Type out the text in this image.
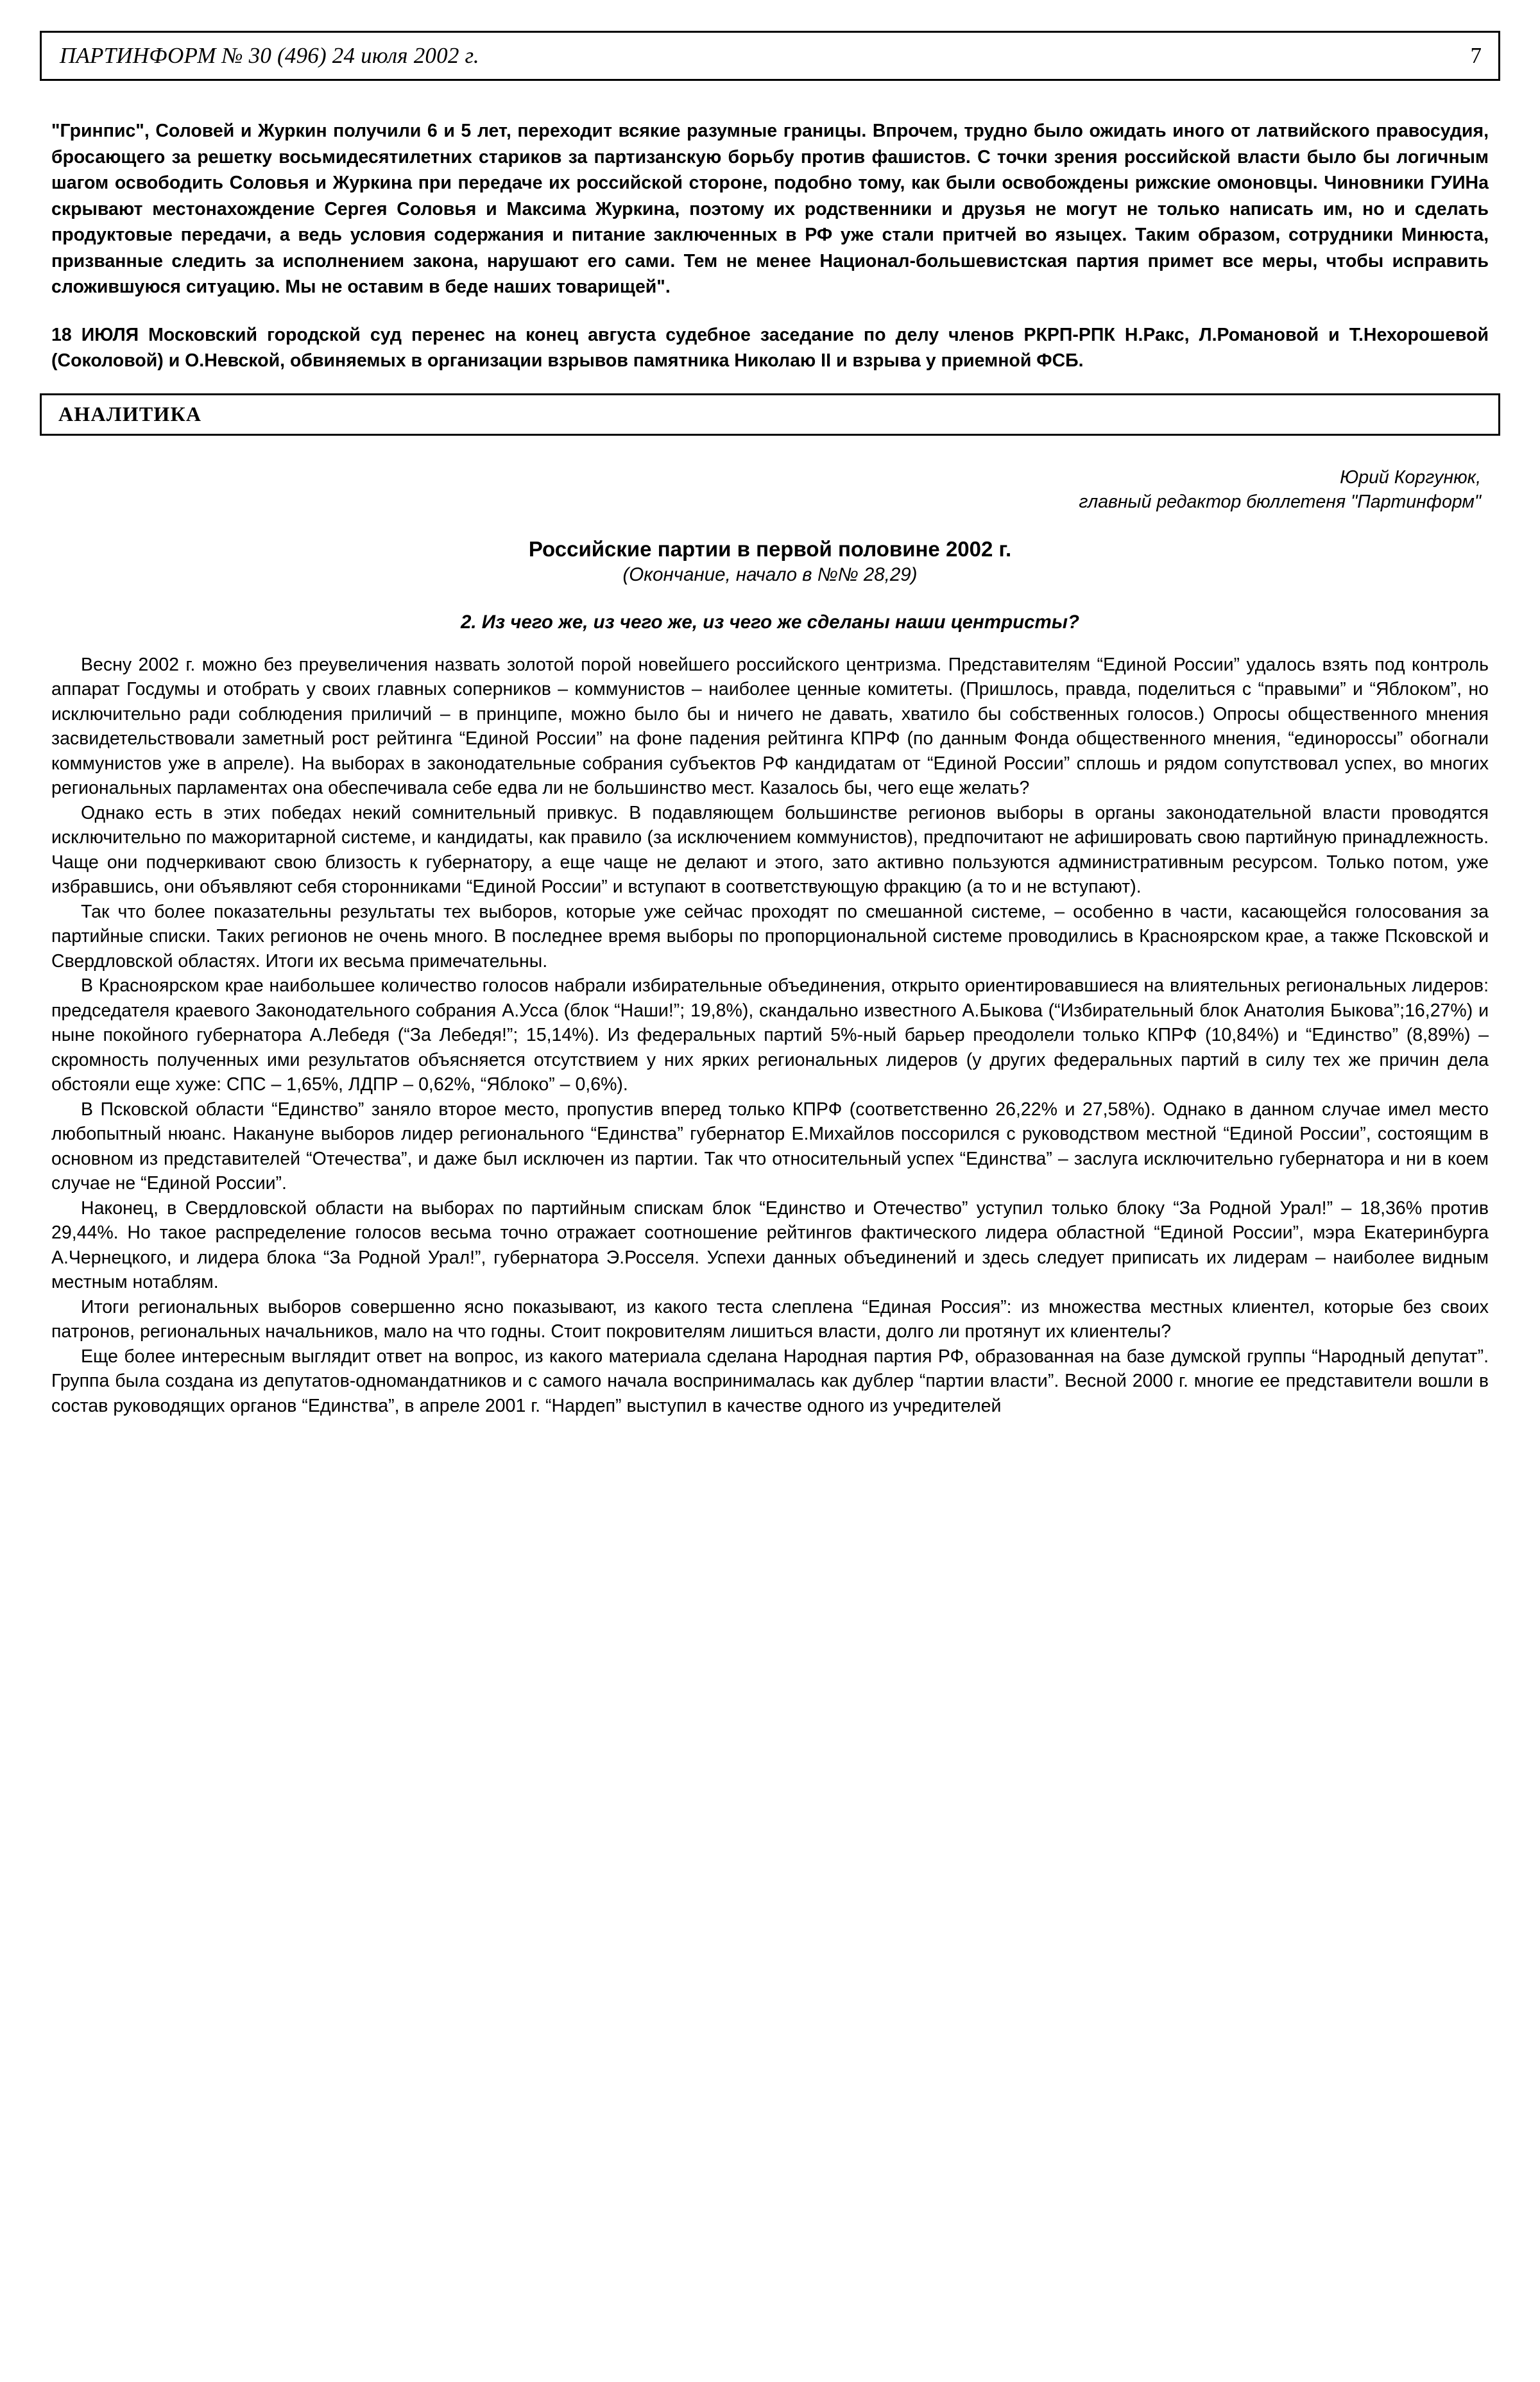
ПАРТИНФОРМ № 30 (496) 24 июля 2002 г.	7

"Гринпис", Соловей и Журкин получили 6 и 5 лет, переходит всякие разумные границы. Впрочем, трудно было ожидать иного от латвийского правосудия, бросающего за решетку восьмидесятилетних стариков за партизанскую борьбу против фашистов. С точки зрения российской власти было бы логичным шагом освободить Соловья и Журкина при передаче их российской стороне, подобно тому, как были освобождены рижские омоновцы. Чиновники ГУИНа скрывают местонахождение Сергея Соловья и Максима Журкина, поэтому их родственники и друзья не могут не только написать им, но и сделать продуктовые передачи, а ведь условия содержания и питание заключенных в РФ уже стали притчей во языцех. Таким образом, сотрудники Минюста, призванные следить за исполнением закона, нарушают его сами. Тем не менее Национал-большевистская партия примет все меры, чтобы исправить сложившуюся ситуацию. Мы не оставим в беде наших товарищей".

18 ИЮЛЯ Московский городской суд перенес на конец августа судебное заседание по делу членов РКРП-РПК Н.Ракс, Л.Романовой и Т.Нехорошевой (Соколовой) и О.Невской, обвиняемых в организации взрывов памятника Николаю II и взрыва у приемной ФСБ.

АНАЛИТИКА
Юрий Коргунюк,
главный редактор бюллетеня "Партинформ"
Российские партии в первой половине 2002 г.
(Окончание, начало в №№ 28,29)
2. Из чего же, из чего же, из чего же сделаны наши центристы?

Весну 2002 г. можно без преувеличения назвать золотой порой новейшего российского центризма. Представителям “Единой России” удалось взять под контроль аппарат Госдумы и отобрать у своих главных соперников – коммунистов – наиболее ценные комитеты. (Пришлось, правда, поделиться с “правыми” и “Яблоком”, но исключительно ради соблюдения приличий – в принципе, можно было бы и ничего не давать, хватило бы собственных голосов.) Опросы общественного мнения засвидетельствовали заметный рост рейтинга “Единой России” на фоне падения рейтинга КПРФ (по данным Фонда общественного мнения, “единороссы” обогнали коммунистов уже в апреле). На выборах в законодательные собрания субъектов РФ кандидатам от “Единой России” сплошь и рядом сопутствовал успех, во многих региональных парламентах она обеспечивала себе едва ли не большинство мест. Казалось бы, чего еще желать?

Однако есть в этих победах некий сомнительный привкус. В подавляющем большинстве регионов выборы в органы законодательной власти проводятся исключительно по мажоритарной системе, и кандидаты, как правило (за исключением коммунистов), предпочитают не афишировать свою партийную принадлежность. Чаще они подчеркивают свою близость к губернатору, а еще чаще не делают и этого, зато активно пользуются административным ресурсом. Только потом, уже избравшись, они объявляют себя сторонниками “Единой России” и вступают в соответствующую фракцию (а то и не вступают).

Так что более показательны результаты тех выборов, которые уже сейчас проходят по смешанной системе, – особенно в части, касающейся голосования за партийные списки. Таких регионов не очень много. В последнее время выборы по пропорциональной системе проводились в Красноярском крае, а также Псковской и Свердловской областях. Итоги их весьма примечательны.

В Красноярском крае наибольшее количество голосов набрали избирательные объединения, открыто ориентировавшиеся на влиятельных региональных лидеров: председателя краевого Законодательного собрания А.Усса (блок “Наши!”; 19,8%), скандально известного А.Быкова (“Избирательный блок Анатолия Быкова”;16,27%) и ныне покойного губернатора А.Лебедя (“За Лебедя!”; 15,14%). Из федеральных партий 5%-ный барьер преодолели только КПРФ (10,84%) и “Единство” (8,89%) – скромность полученных ими результатов объясняется отсутствием у них ярких региональных лидеров (у других федеральных партий в силу тех же причин дела обстояли еще хуже: СПС – 1,65%, ЛДПР – 0,62%, “Яблоко” – 0,6%).

В Псковской области “Единство” заняло второе место, пропустив вперед только КПРФ (соответственно 26,22% и 27,58%). Однако в данном случае имел место любопытный нюанс. Накануне выборов лидер регионального “Единства” губернатор Е.Михайлов поссорился с руководством местной “Единой России”, состоящим в основном из представителей “Отечества”, и даже был исключен из партии. Так что относительный успех “Единства” – заслуга исключительно губернатора и ни в коем случае не “Единой России”.

Наконец, в Свердловской области на выборах по партийным спискам блок “Единство и Отечество” уступил только блоку “За Родной Урал!” – 18,36% против 29,44%. Но такое распределение голосов весьма точно отражает соотношение рейтингов фактического лидера областной “Единой России”, мэра Екатеринбурга А.Чернецкого, и лидера блока “За Родной Урал!”, губернатора Э.Росселя. Успехи данных объединений и здесь следует приписать их лидерам – наиболее видным местным нотаблям.

Итоги региональных выборов совершенно ясно показывают, из какого теста слеплена “Единая Россия”: из множества местных клиентел, которые без своих патронов, региональных начальников, мало на что годны. Стоит покровителям лишиться власти, долго ли протянут их клиентелы?

Еще более интересным выглядит ответ на вопрос, из какого материала сделана Народная партия РФ, образованная на базе думской группы “Народный депутат”. Группа была создана из депутатов-одномандатников и с самого начала воспринималась как дублер “партии власти”. Весной 2000 г. многие ее представители вошли в состав руководящих органов “Единства”, в апреле 2001 г. “Нардеп” выступил в качестве одного из учредителей
